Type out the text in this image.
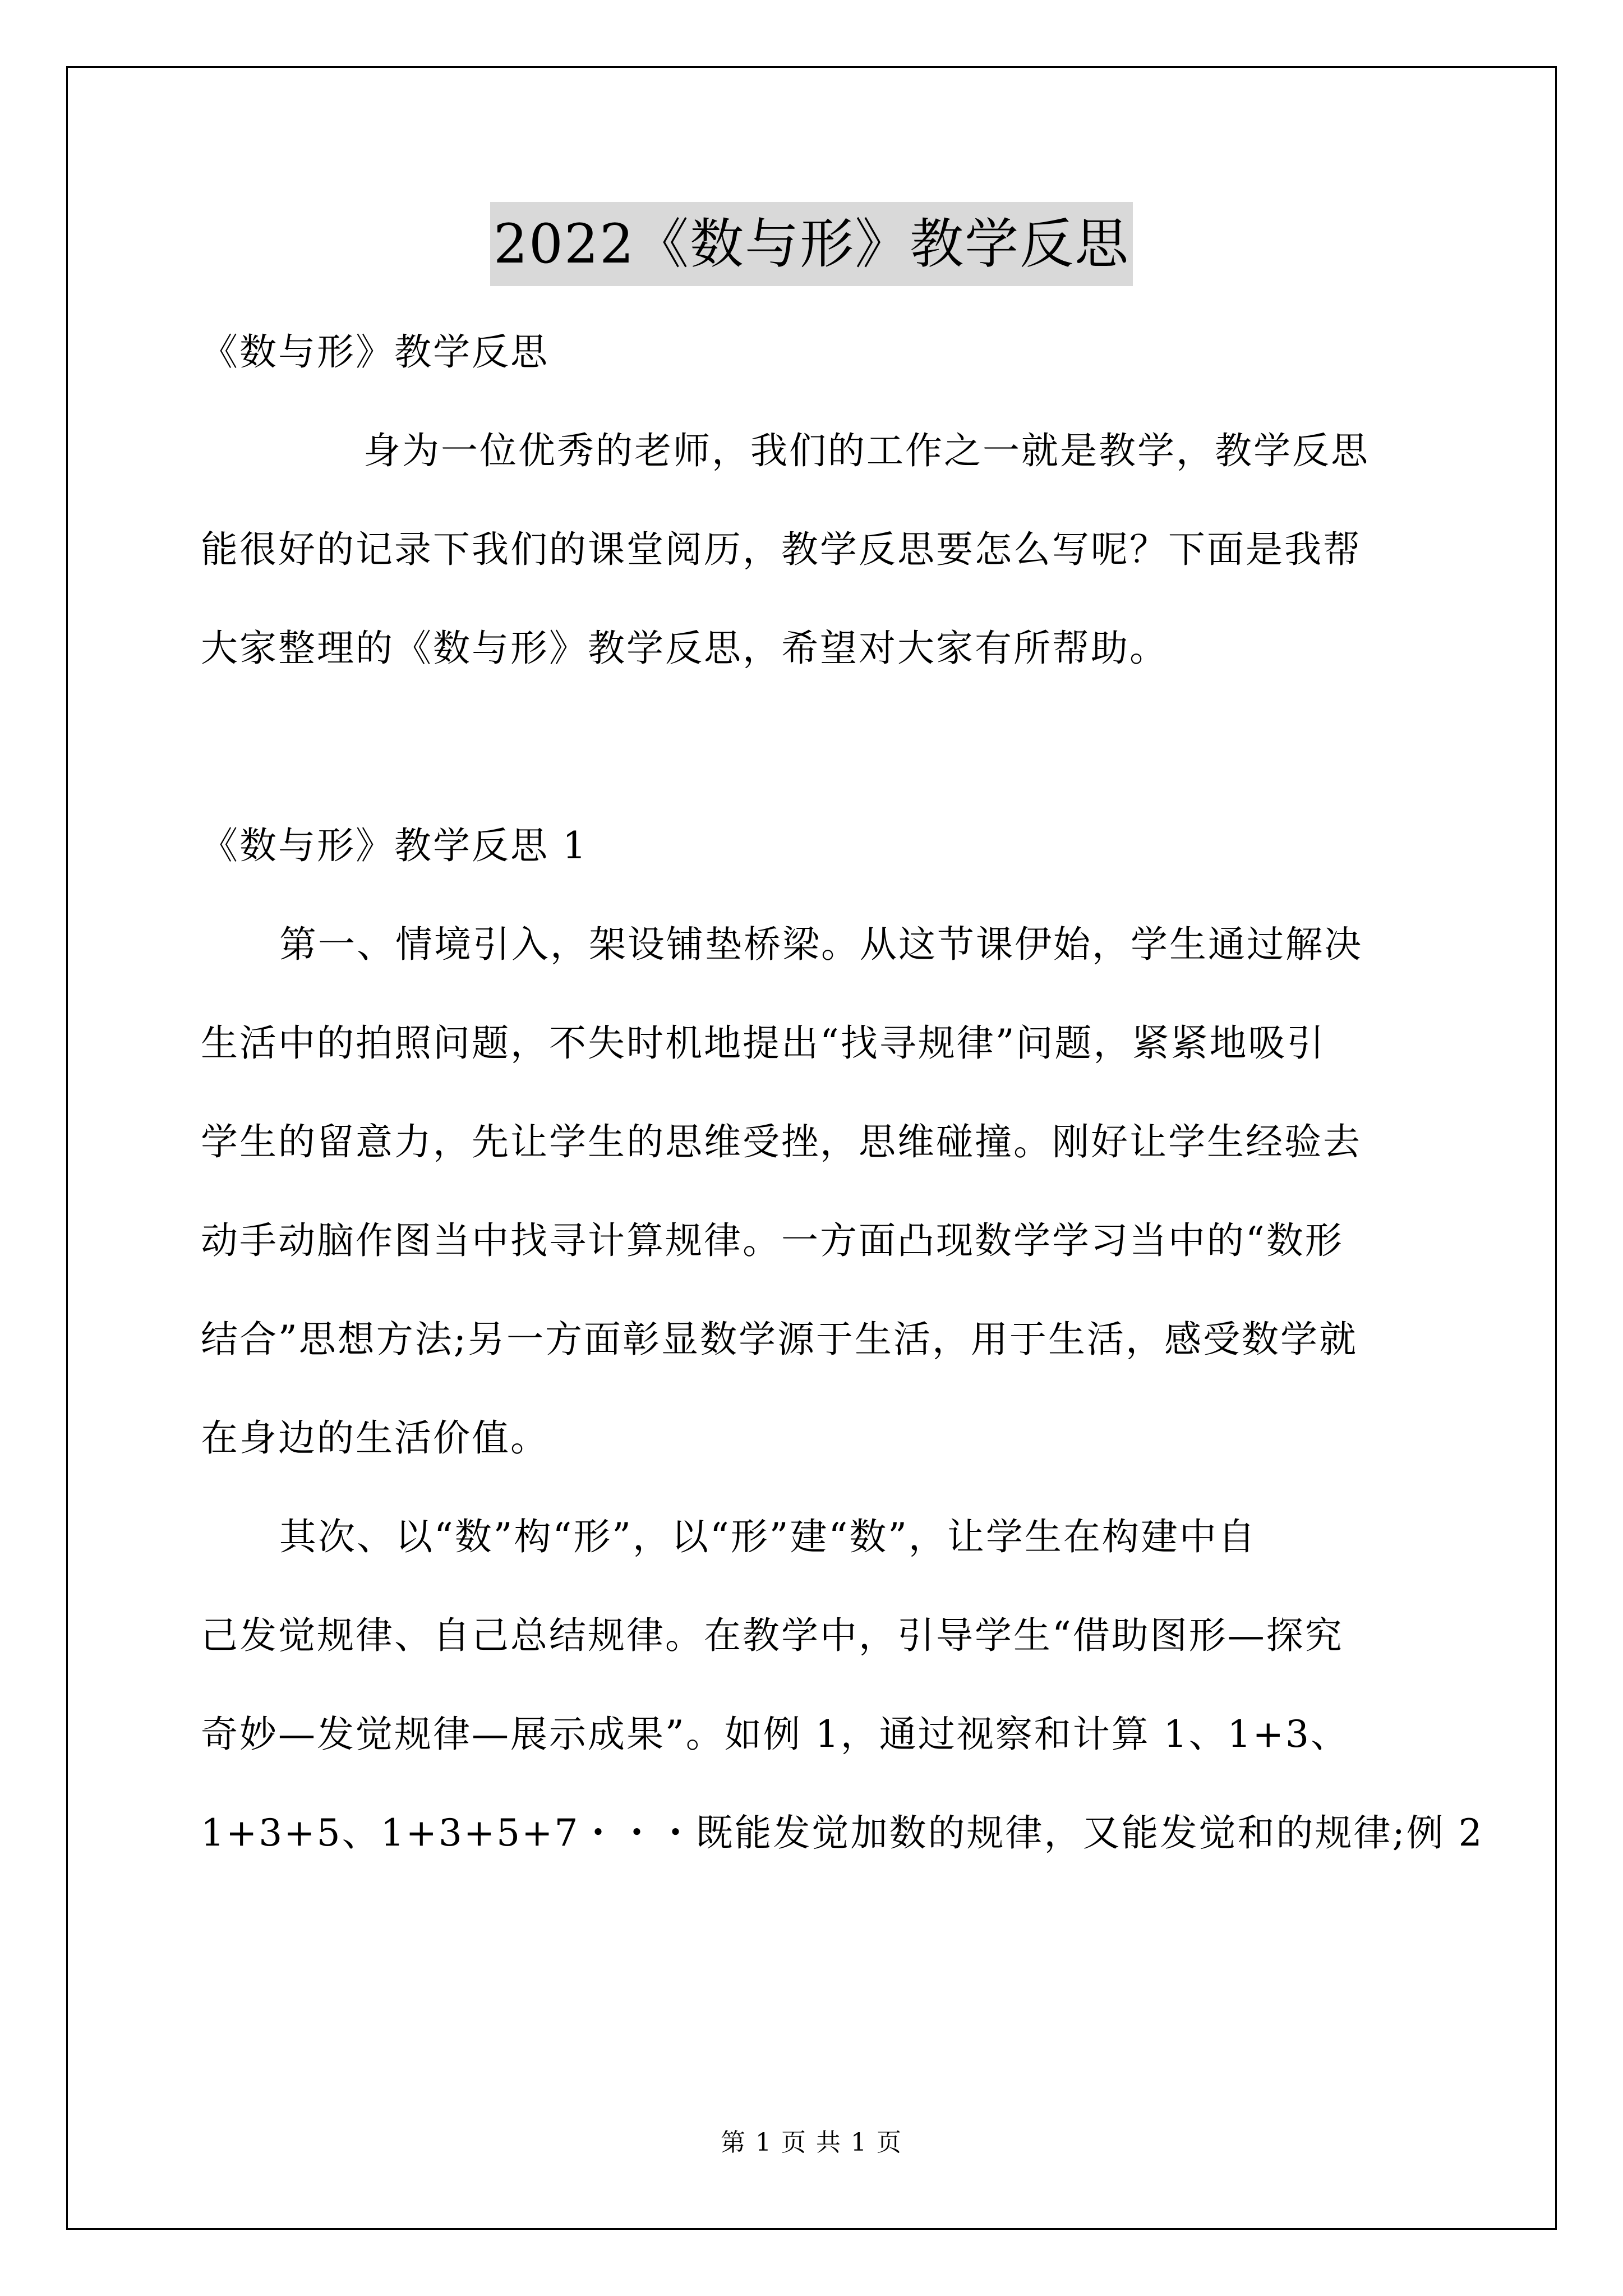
2022《数与形》教学反思
《数与形》教学反思
身为一位优秀的老师，我们的工作之一就是教学，教学反思
能很好的记录下我们的课堂阅历，教学反思要怎么写呢？下面是我帮
大家整理的《数与形》教学反思，希望对大家有所帮助。
《数与形》教学反思 1
第一、情境引入，架设铺垫桥梁。从这节课伊始，学生通过解决
生活中的拍照问题，不失时机地提出“找寻规律”问题，紧紧地吸引
学生的留意力，先让学生的思维受挫，思维碰撞。刚好让学生经验去
动手动脑作图当中找寻计算规律。一方面凸现数学学习当中的“数形
结合”思想方法;另一方面彰显数学源于生活，用于生活，感受数学就
在身边的生活价值。
其次、以“数”构“形”，以“形”建“数”，让学生在构建中自
己发觉规律、自己总结规律。在教学中，引导学生“借助图形—探究
奇妙—发觉规律—展示成果”。如例 1，通过视察和计算 1、1+3、
1+3+5、1+3+5+7・・・既能发觉加数的规律，又能发觉和的规律;例 2
第 1 页 共 1 页
